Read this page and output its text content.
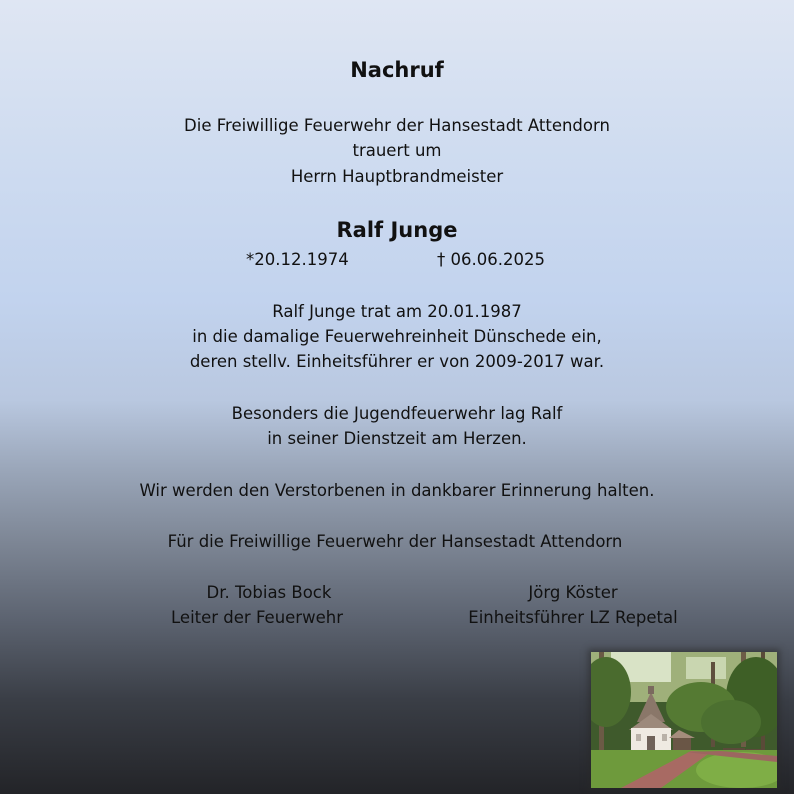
Nachruf
Die Freiwillige Feuerwehr der Hansestadt Attendorn
trauert um
Herrn Hauptbrandmeister
Ralf Junge
*20.12.1974	† 06.06.2025
Ralf Junge trat am 20.01.1987
in die damalige Feuerwehreinheit Dünschede ein,
deren stellv. Einheitsführer er von 2009-2017 war.
Besonders die Jugendfeuerwehr lag Ralf
in seiner Dienstzeit am Herzen.
Wir werden den Verstorbenen in dankbarer Erinnerung halten.
Für die Freiwillige Feuerwehr der Hansestadt Attendorn
Dr. Tobias Bock
Leiter der Feuerwehr
Jörg Köster
Einheitsführer LZ Repetal
